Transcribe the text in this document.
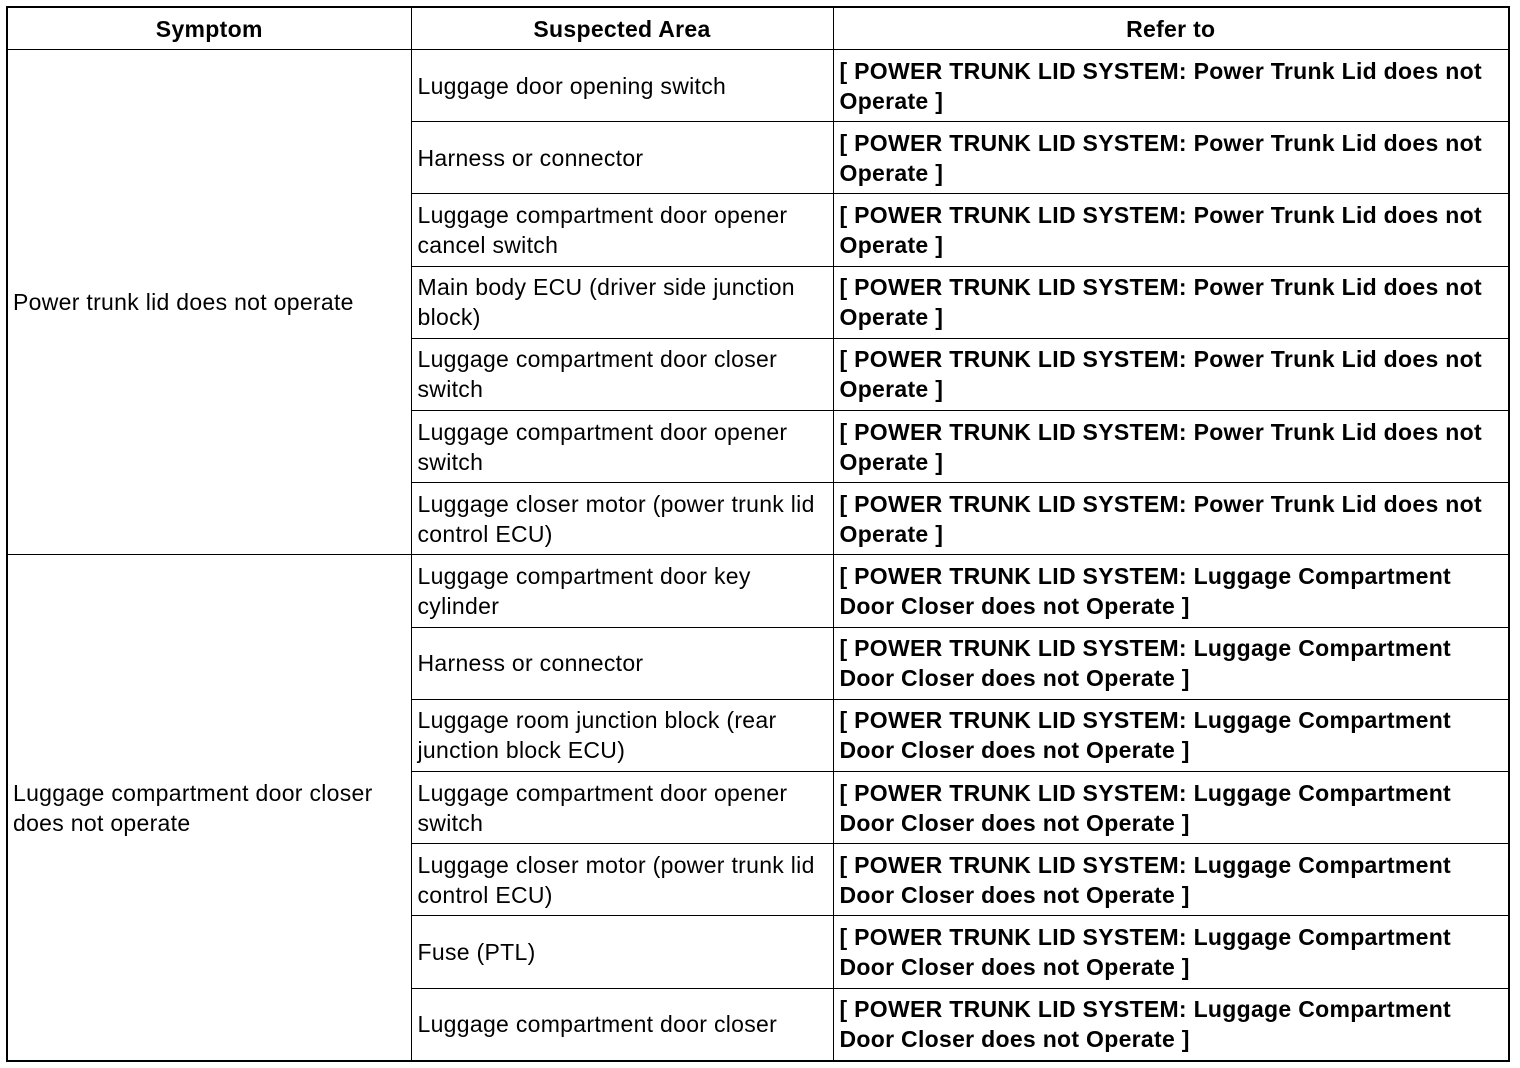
Symptom	Suspected Area	Refer to
Power trunk lid does not operate	Luggage door opening switch	[ POWER TRUNK LID SYSTEM: Power Trunk Lid does not Operate ]
	Harness or connector	[ POWER TRUNK LID SYSTEM: Power Trunk Lid does not Operate ]
	Luggage compartment door opener cancel switch	[ POWER TRUNK LID SYSTEM: Power Trunk Lid does not Operate ]
	Main body ECU (driver side junction block)	[ POWER TRUNK LID SYSTEM: Power Trunk Lid does not Operate ]
	Luggage compartment door closer switch	[ POWER TRUNK LID SYSTEM: Power Trunk Lid does not Operate ]
	Luggage compartment door opener switch	[ POWER TRUNK LID SYSTEM: Power Trunk Lid does not Operate ]
	Luggage closer motor (power trunk lid control ECU)	[ POWER TRUNK LID SYSTEM: Power Trunk Lid does not Operate ]
Luggage compartment door closer does not operate	Luggage compartment door key cylinder	[ POWER TRUNK LID SYSTEM: Luggage Compartment Door Closer does not Operate ]
	Harness or connector	[ POWER TRUNK LID SYSTEM: Luggage Compartment Door Closer does not Operate ]
	Luggage room junction block (rear junction block ECU)	[ POWER TRUNK LID SYSTEM: Luggage Compartment Door Closer does not Operate ]
	Luggage compartment door opener switch	[ POWER TRUNK LID SYSTEM: Luggage Compartment Door Closer does not Operate ]
	Luggage closer motor (power trunk lid control ECU)	[ POWER TRUNK LID SYSTEM: Luggage Compartment Door Closer does not Operate ]
	Fuse (PTL)	[ POWER TRUNK LID SYSTEM: Luggage Compartment Door Closer does not Operate ]
	Luggage compartment door closer	[ POWER TRUNK LID SYSTEM: Luggage Compartment Door Closer does not Operate ]
